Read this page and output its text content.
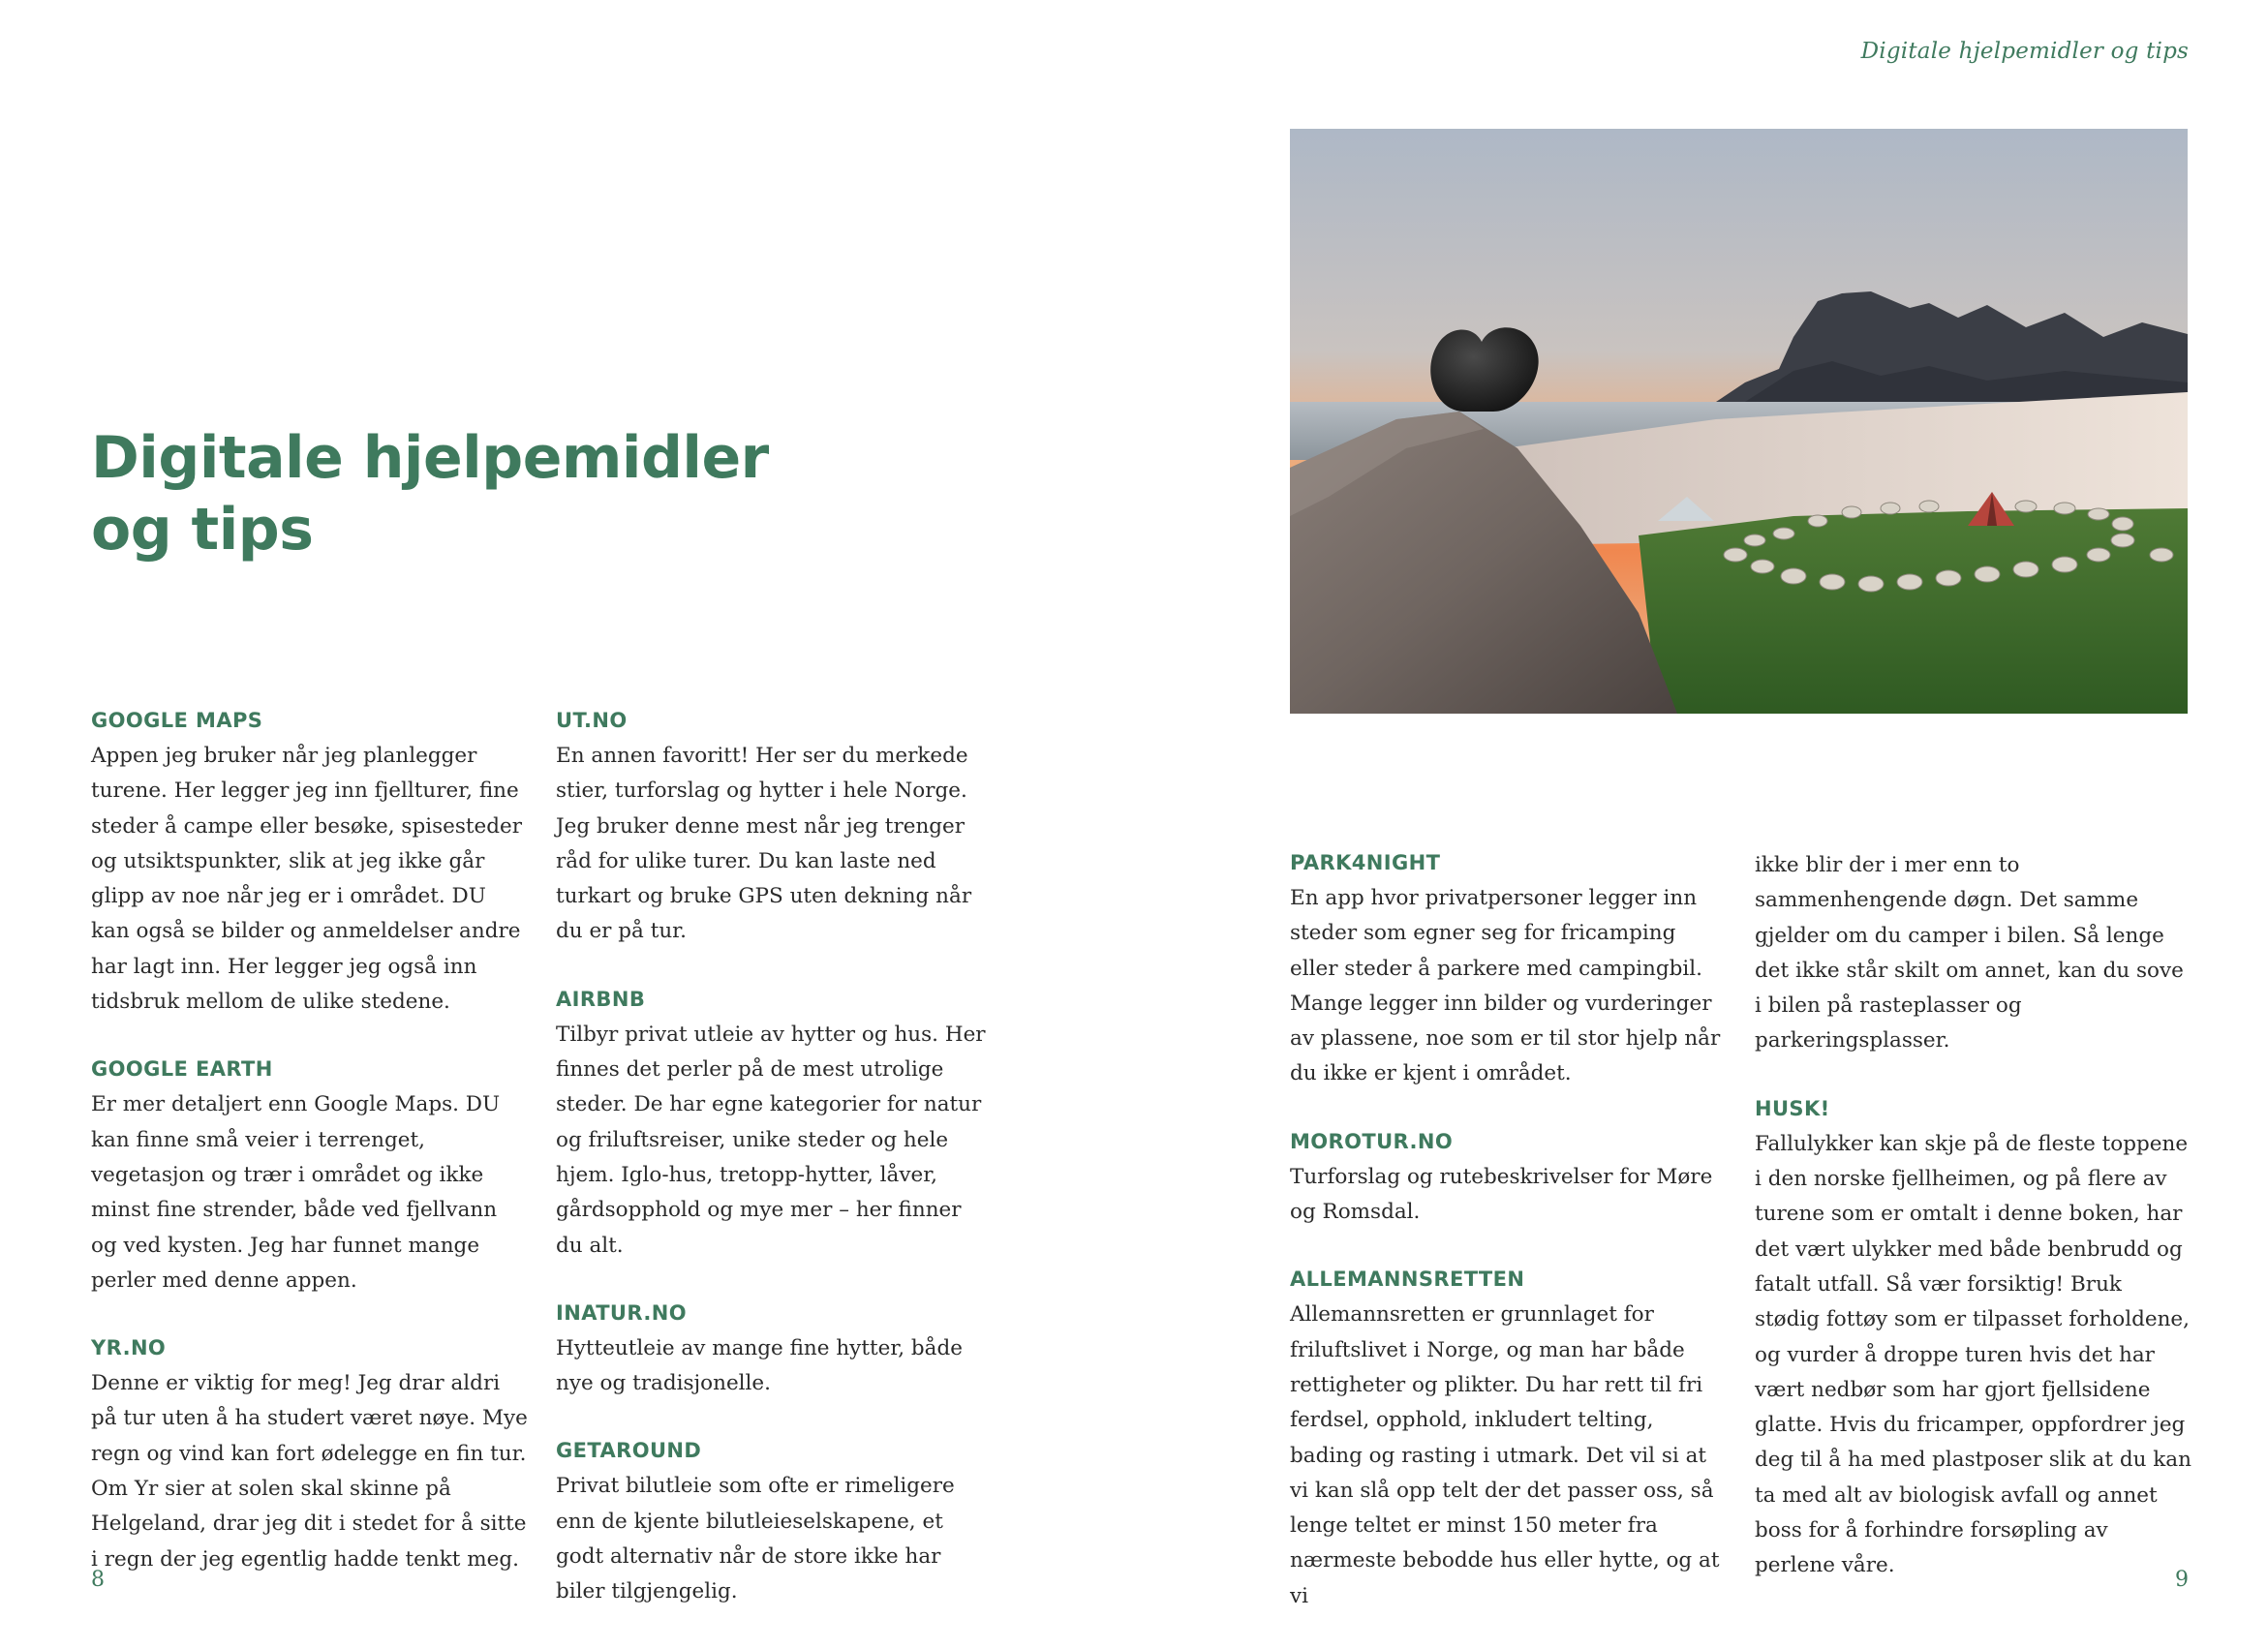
Digitale hjelpemidler og tips
Digitale hjelpemidler
og tips
GOOGLE MAPS

Appen jeg bruker når jeg planlegger turene. Her legger jeg inn fjellturer, fine steder å campe eller besøke, spisesteder og utsiktspunkter, slik at jeg ikke går glipp av noe når jeg er i området. DU kan også se bilder og anmeldelser andre har lagt inn. Her legger jeg også inn tidsbruk mellom de ulike stedene.

GOOGLE EARTH

Er mer detaljert enn Google Maps. DU kan finne små veier i terrenget, vegetasjon og trær i området og ikke minst fine strender, både ved fjellvann og ved kysten. Jeg har funnet mange perler med denne appen.

YR.NO

Denne er viktig for meg! Jeg drar aldri på tur uten å ha studert været nøye. Mye regn og vind kan fort ødelegge en fin tur. Om Yr sier at solen skal skinne på Helgeland, drar jeg dit i stedet for å sitte i regn der jeg egentlig hadde tenkt meg.

UT.NO

En annen favoritt! Her ser du merkede stier, turforslag og hytter i hele Norge. Jeg bruker denne mest når jeg trenger råd for ulike turer. Du kan laste ned turkart og bruke GPS uten dekning når du er på tur.

AIRBNB

Tilbyr privat utleie av hytter og hus. Her finnes det perler på de mest utrolige steder. De har egne kategorier for natur og friluftsreiser, unike steder og hele hjem. Iglo-hus, tretopp-hytter, låver, gårdsopphold og mye mer – her finner du alt.

INATUR.NO

Hytteutleie av mange fine hytter, både nye og tradisjonelle.

GETAROUND

Privat bilutleie som ofte er rimeligere enn de kjente bilutleieselskapene, et godt alternativ når de store ikke har biler tilgjengelig.

PARK4NIGHT

En app hvor privatpersoner legger inn steder som egner seg for fricamping eller steder å parkere med campingbil. Mange legger inn bilder og vurderinger av plassene, noe som er til stor hjelp når du ikke er kjent i området.

MOROTUR.NO

Turforslag og rutebeskrivelser for Møre og Romsdal.

ALLEMANNSRETTEN

Allemannsretten er grunnlaget for friluftslivet i Norge, og man har både rettigheter og plikter. Du har rett til fri ferdsel, opphold, inkludert telting, bading og rasting i utmark. Det vil si at vi kan slå opp telt der det passer oss, så lenge teltet er minst 150 meter fra nærmeste bebodde hus eller hytte, og at vi

ikke blir der i mer enn to sammenhengende døgn. Det samme gjelder om du camper i bilen. Så lenge det ikke står skilt om annet, kan du sove i bilen på rasteplasser og parkeringsplasser.

HUSK!

Fallulykker kan skje på de fleste toppene i den norske fjellheimen, og på flere av turene som er omtalt i denne boken, har det vært ulykker med både benbrudd og fatalt utfall. Så vær forsiktig! Bruk stødig fottøy som er tilpasset forholdene, og vurder å droppe turen hvis det har vært nedbør som har gjort fjellsidene glatte. Hvis du fricamper, oppfordrer jeg deg til å ha med plastposer slik at du kan ta med alt av biologisk avfall og annet boss for å forhindre forsøpling av perlene våre.

8	9
